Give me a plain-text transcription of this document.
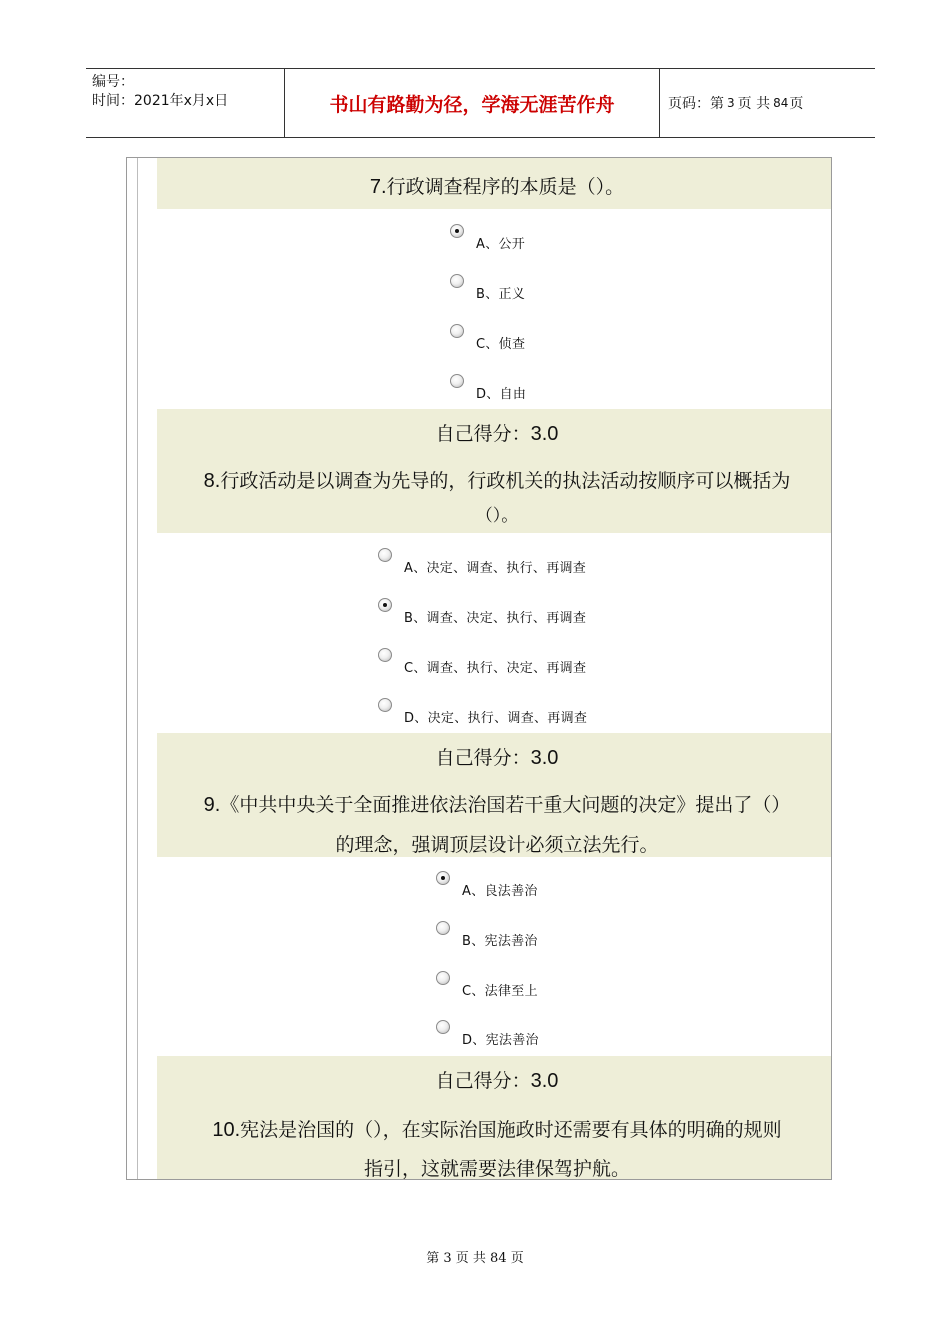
编号：
时间：2021年x月x日	书山有路勤为径，学海无涯苦作舟	页码：第 3 页 共 84 页
7.行政调查程序的本质是（）。
A、公开
B、正义
C、侦查
D、自由
自己得分：3.0
8.行政活动是以调查为先导的，行政机关的执法活动按顺序可以概括为
（）。
A、决定、调查、执行、再调查
B、调查、决定、执行、再调查
C、调查、执行、决定、再调查
D、决定、执行、调查、再调查
自己得分：3.0
9.《中共中央关于全面推进依法治国若干重大问题的决定》提出了（）
的理念，强调顶层设计必须立法先行。
A、良法善治
B、宪法善治
C、法律至上
D、宪法善治
自己得分：3.0
10.宪法是治国的（），在实际治国施政时还需要有具体的明确的规则
指引，这就需要法律保驾护航。
第 3 页 共 84 页
